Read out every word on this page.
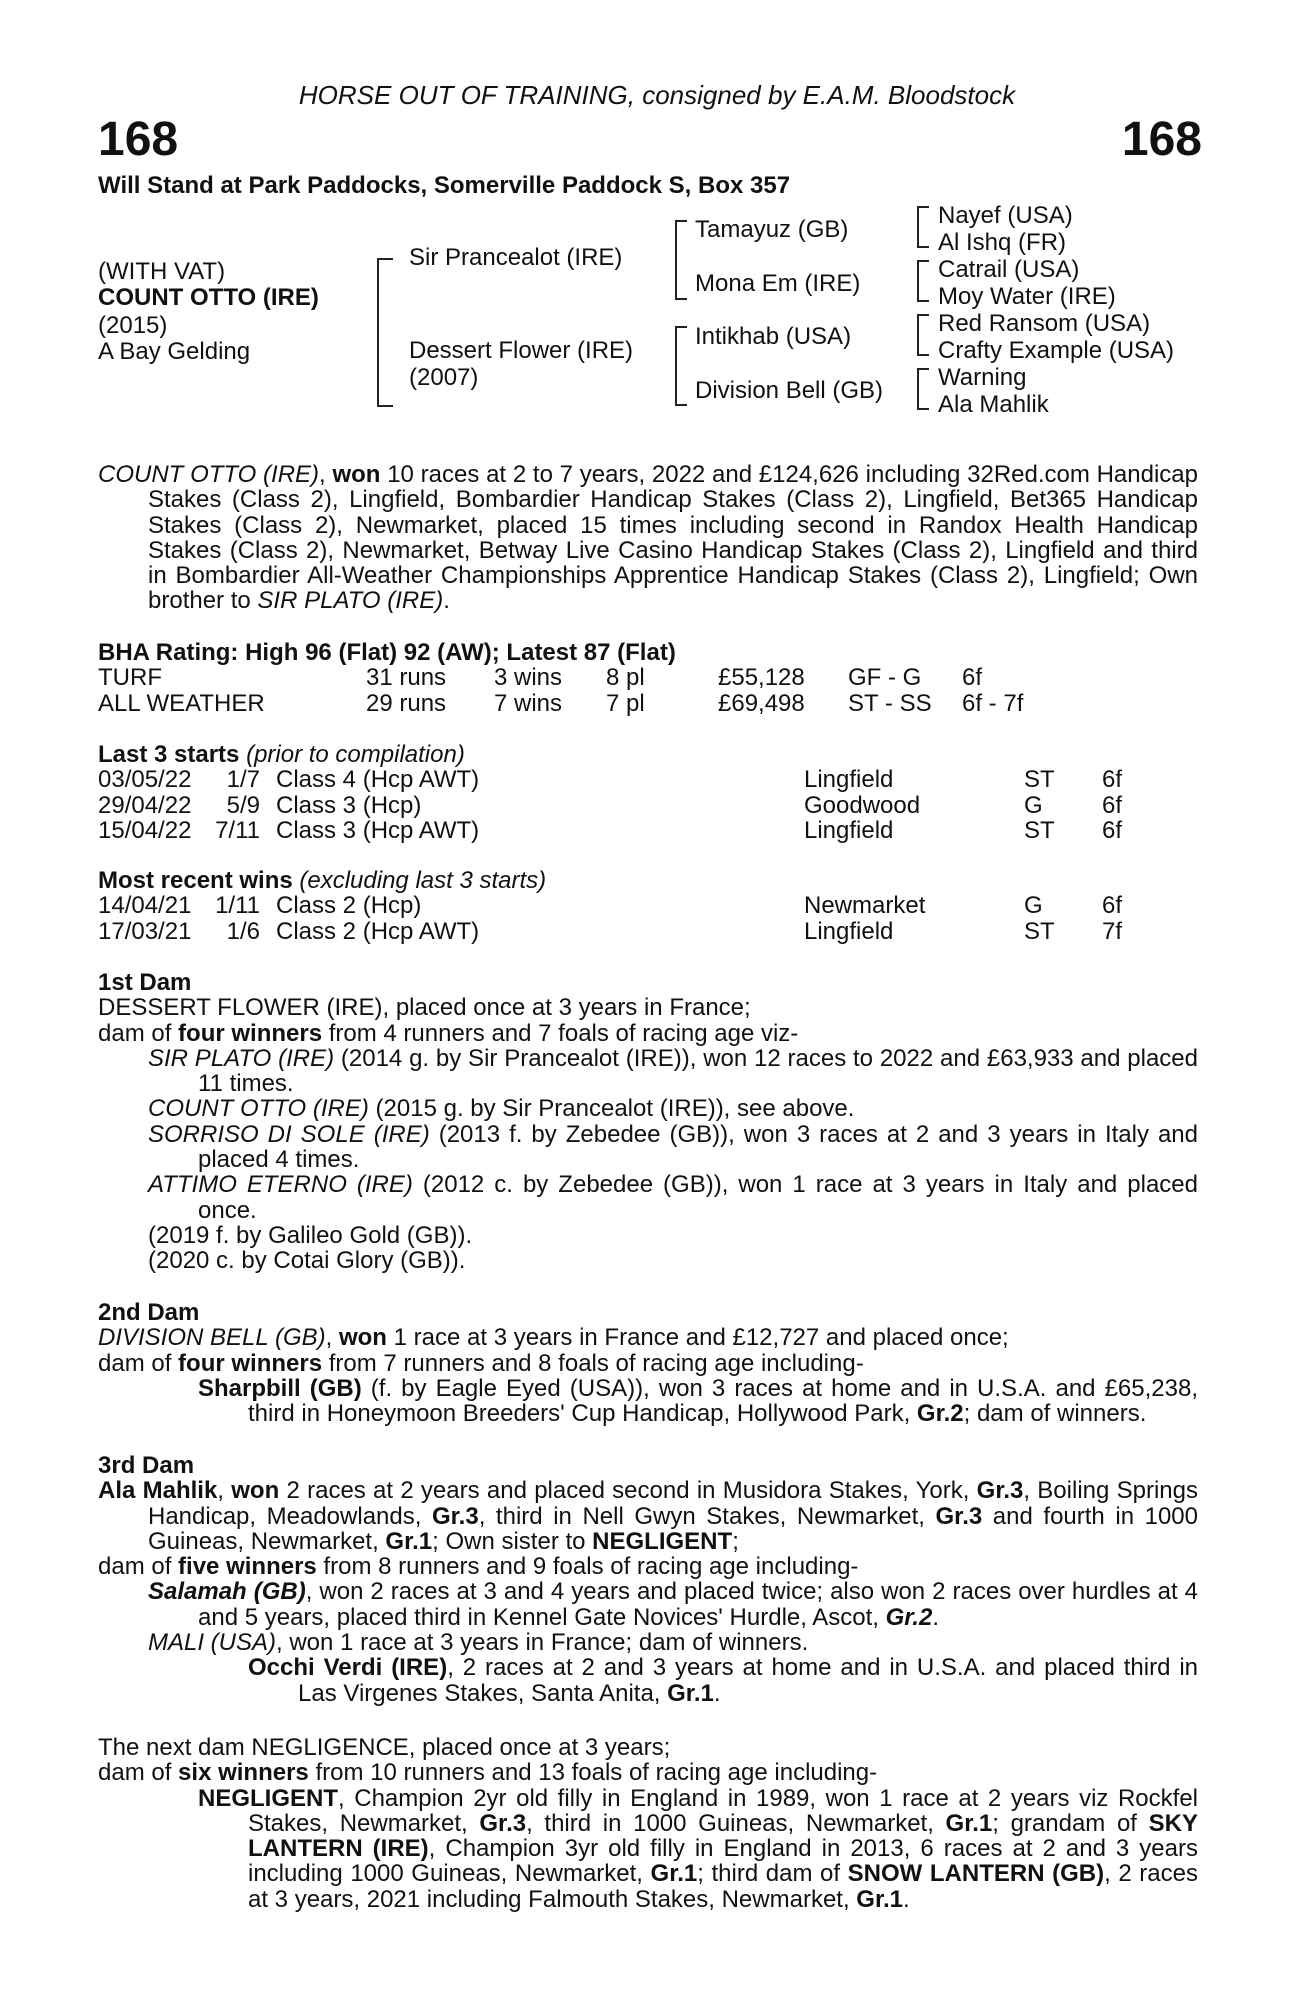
HORSE OUT OF TRAINING, consigned by E.A.M. Bloodstock
168	168
Will Stand at Park Paddocks, Somerville Paddock S, Box 357
(WITH VAT)
COUNT OTTO (IRE)
(2015)
A Bay Gelding
Sir Prancealot (IRE)
Dessert Flower (IRE)
(2007)
Tamayuz (GB)
Mona Em (IRE)
Intikhab (USA)
Division Bell (GB)
Nayef (USA)
Al Ishq (FR)
Catrail (USA)
Moy Water (IRE)
Red Ransom (USA)
Crafty Example (USA)
Warning
Ala Mahlik

COUNT OTTO (IRE), won 10 races at 2 to 7 years, 2022 and £124,626 including 32Red.com Handicap Stakes (Class 2), Lingfield, Bombardier Handicap Stakes (Class 2), Lingfield, Bet365 Handicap Stakes (Class 2), Newmarket, placed 15 times including second in Randox Health Handicap Stakes (Class 2), Newmarket, Betway Live Casino Handicap Stakes (Class 2), Lingfield and third in Bombardier All-Weather Championships Apprentice Handicap Stakes (Class 2), Lingfield; Own brother to SIR PLATO (IRE).

BHA Rating: High 96 (Flat) 92 (AW); Latest 87 (Flat)
TURF	31 runs	3 wins	8 pl	£55,128	GF - G	6f
ALL WEATHER	29 runs	7 wins	7 pl	£69,498	ST - SS	6f - 7f
Last 3 starts (prior to compilation)
03/05/22	1/7	Class 4 (Hcp AWT)	Lingfield	ST	6f
29/04/22	5/9	Class 3 (Hcp)	Goodwood	G	6f
15/04/22	7/11	Class 3 (Hcp AWT)	Lingfield	ST	6f
Most recent wins (excluding last 3 starts)
14/04/21	1/11	Class 2 (Hcp)	Newmarket	G	6f
17/03/21	1/6	Class 2 (Hcp AWT)	Lingfield	ST	7f
1st Dam

DESSERT FLOWER (IRE), placed once at 3 years in France;

dam of four winners from 4 runners and 7 foals of racing age viz-

SIR PLATO (IRE) (2014 g. by Sir Prancealot (IRE)), won 12 races to 2022 and £63,933 and placed 11 times.

COUNT OTTO (IRE) (2015 g. by Sir Prancealot (IRE)), see above.

SORRISO DI SOLE (IRE) (2013 f. by Zebedee (GB)), won 3 races at 2 and 3 years in Italy and placed 4 times.

ATTIMO ETERNO (IRE) (2012 c. by Zebedee (GB)), won 1 race at 3 years in Italy and placed once.

(2019 f. by Galileo Gold (GB)).

(2020 c. by Cotai Glory (GB)).

2nd Dam

DIVISION BELL (GB), won 1 race at 3 years in France and £12,727 and placed once;

dam of four winners from 7 runners and 8 foals of racing age including-

Sharpbill (GB) (f. by Eagle Eyed (USA)), won 3 races at home and in U.S.A. and £65,238, third in Honeymoon Breeders' Cup Handicap, Hollywood Park, Gr.2; dam of winners.

3rd Dam

Ala Mahlik, won 2 races at 2 years and placed second in Musidora Stakes, York, Gr.3, Boiling Springs Handicap, Meadowlands, Gr.3, third in Nell Gwyn Stakes, Newmarket, Gr.3 and fourth in 1000 Guineas, Newmarket, Gr.1; Own sister to NEGLIGENT;

dam of five winners from 8 runners and 9 foals of racing age including-

Salamah (GB), won 2 races at 3 and 4 years and placed twice; also won 2 races over hurdles at 4 and 5 years, placed third in Kennel Gate Novices' Hurdle, Ascot, Gr.2.

MALI (USA), won 1 race at 3 years in France; dam of winners.

Occhi Verdi (IRE), 2 races at 2 and 3 years at home and in U.S.A. and placed third in Las Virgenes Stakes, Santa Anita, Gr.1.

The next dam NEGLIGENCE, placed once at 3 years;

dam of six winners from 10 runners and 13 foals of racing age including-

NEGLIGENT, Champion 2yr old filly in England in 1989, won 1 race at 2 years viz Rockfel Stakes, Newmarket, Gr.3, third in 1000 Guineas, Newmarket, Gr.1; grandam of SKY LANTERN (IRE), Champion 3yr old filly in England in 2013, 6 races at 2 and 3 years including 1000 Guineas, Newmarket, Gr.1; third dam of SNOW LANTERN (GB), 2 races at 3 years, 2021 including Falmouth Stakes, Newmarket, Gr.1.
